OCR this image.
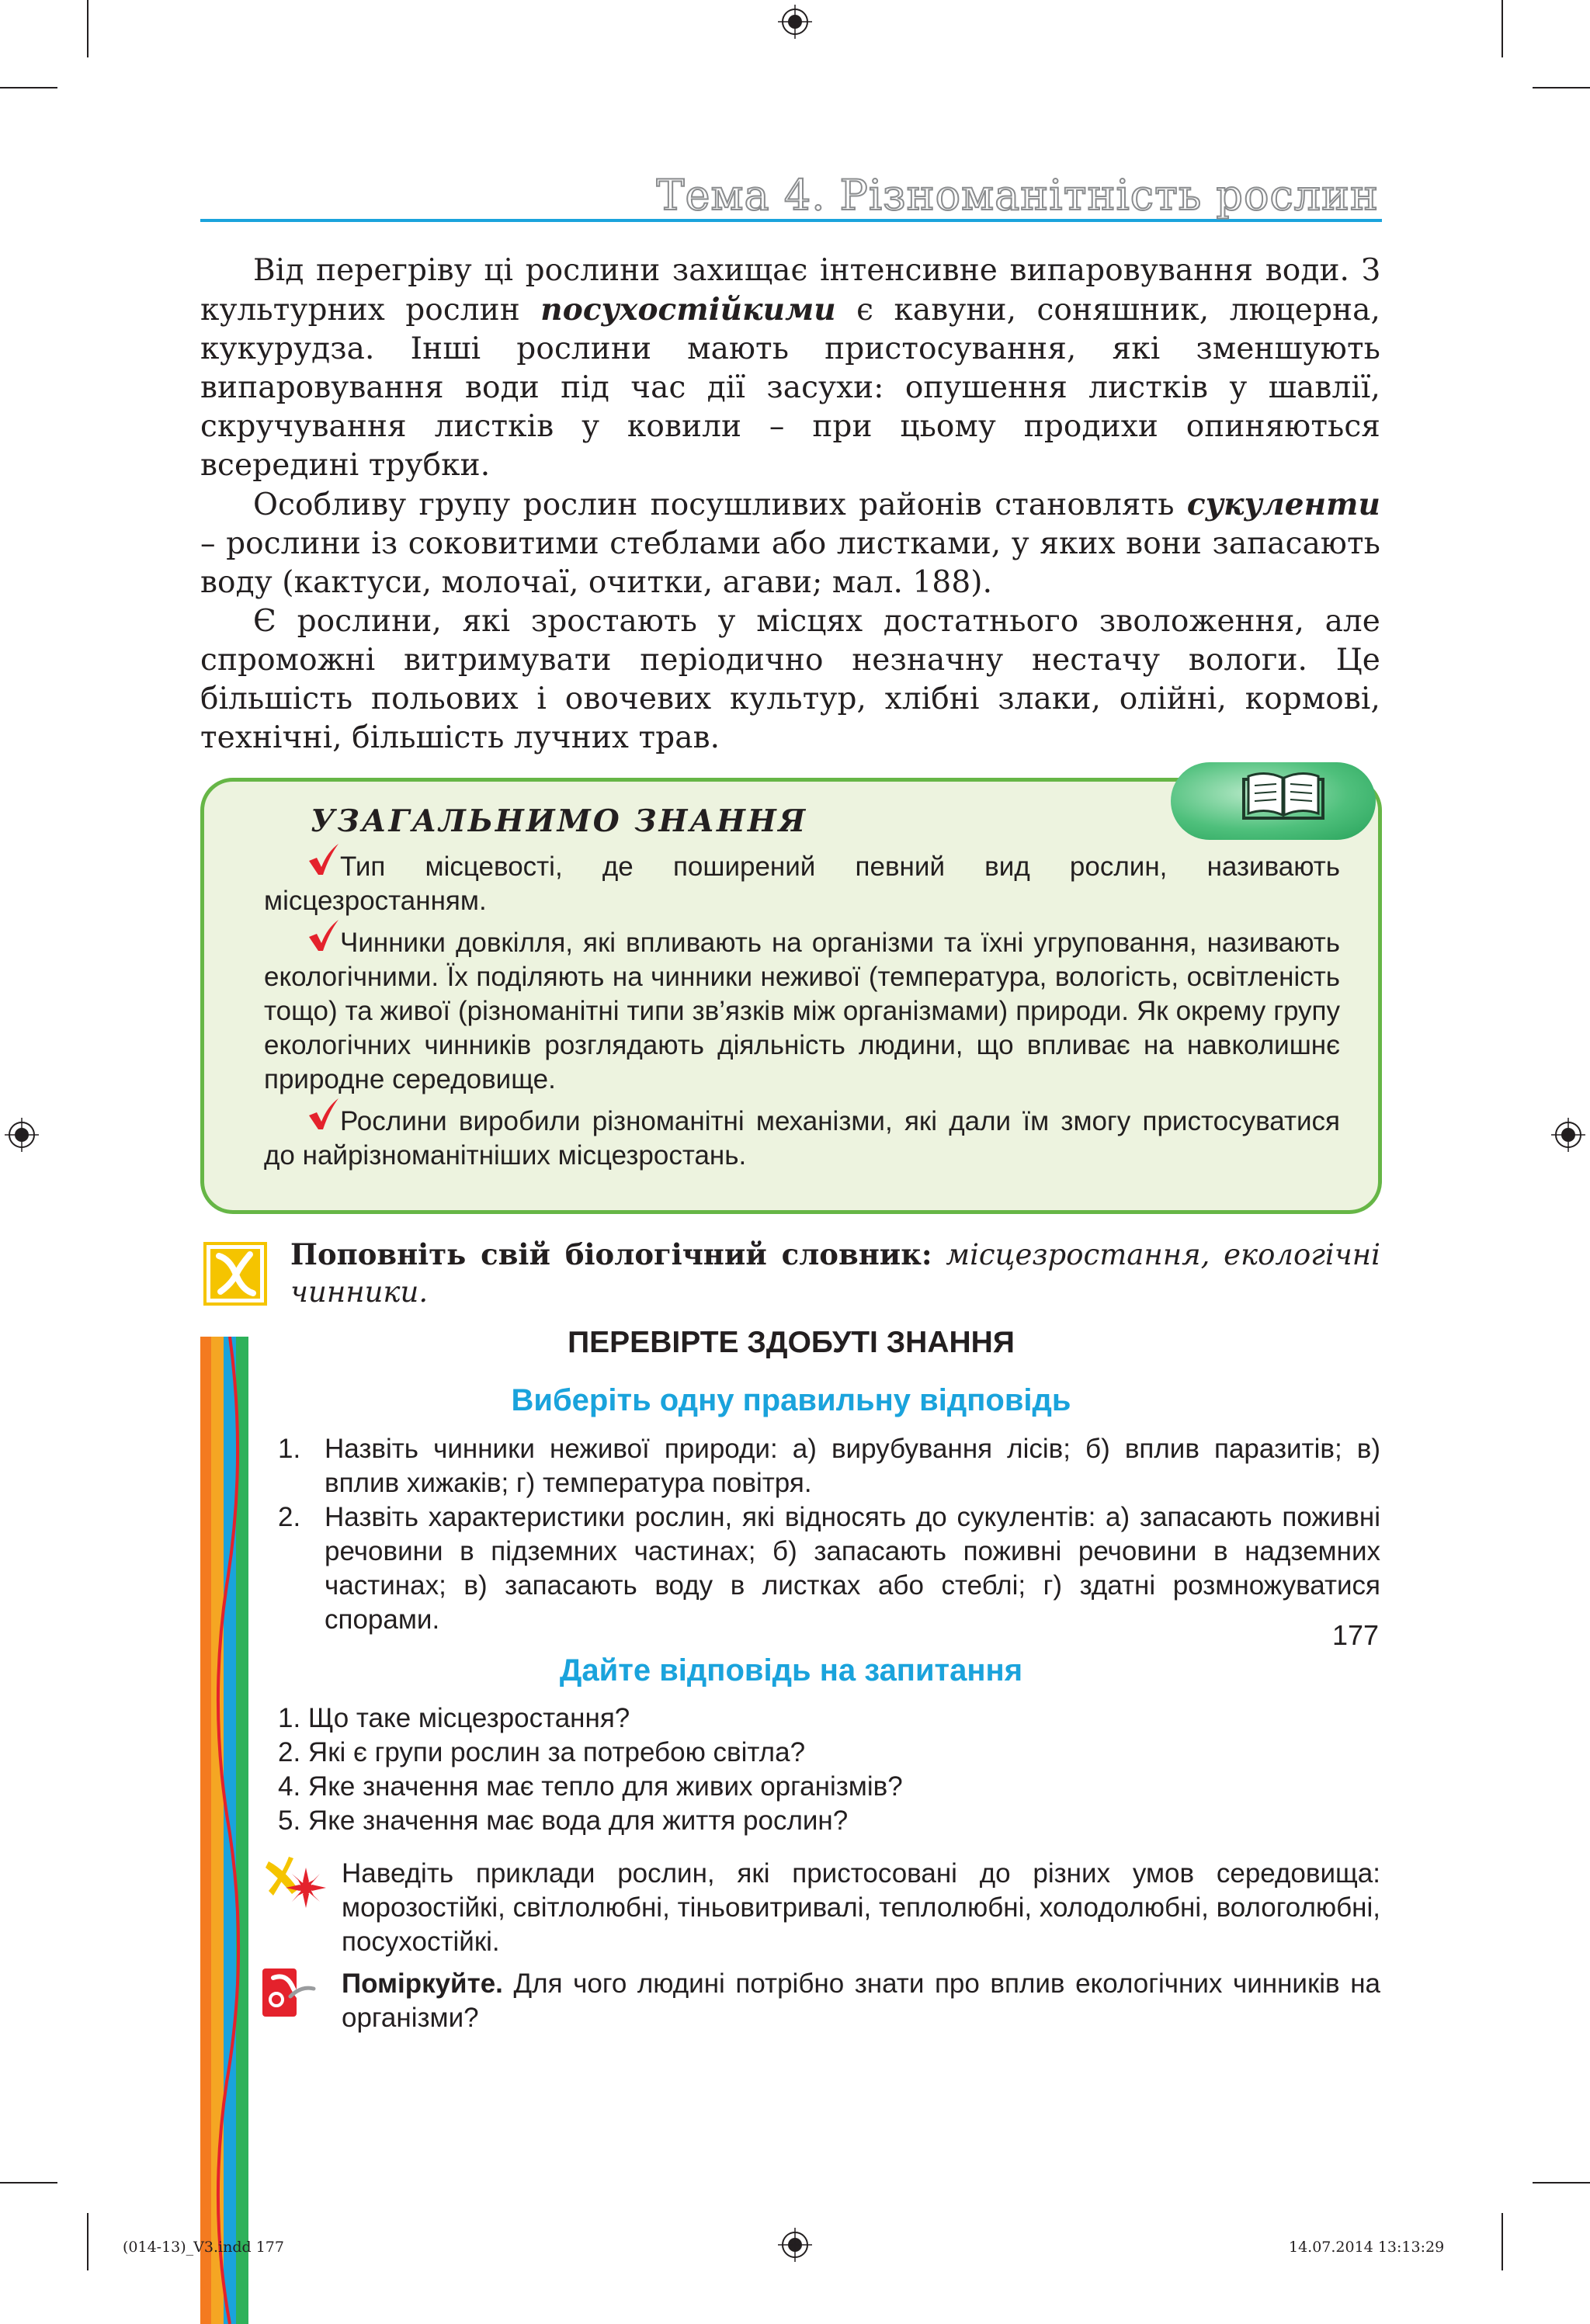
Тема 4. Різноманітність рослин

Від перегріву ці рослини захищає інтенсивне випаровування води. З культурних рослин посухостійкими є кавуни, соняшник, люцерна, кукурудза. Інші рослини мають пристосування, які зменшують випаровування води під час дії засухи: опушення листків у шавлії, скручування листків у ковили – при цьому продихи опиняються всередині трубки.

Особливу групу рослин посушливих районів становлять сукуленти – рослини із соковитими стеблами або листками, у яких вони запасають воду (кактуси, молочаї, очитки, агави; мал. 188).

Є рослини, які зростають у місцях достатнього зволоження, але спроможні витримувати періодично незначну нестачу вологи. Це більшість польових і овочевих культур, хлібні злаки, олійні, кормові, технічні, більшість лучних трав.

УЗАГАЛЬНИМО ЗНАННЯ

Тип місцевості, де поширений певний вид рослин, називають місцезростанням.

Чинники довкілля, які впливають на організми та їхні угруповання, називають екологічними. Їх поділяють на чинники неживої (температура, вологість, освітленість тощо) та живої (різноманітні типи зв’язків між організмами) природи. Як окрему групу екологічних чинників розглядають діяльність людини, що впливає на навколишнє природне середовище.

Рослини виробили різноманітні механізми, які дали їм змогу пристосуватися до найрізноманітніших місцезростань.

Поповніть свій біологічний словник: місцезростання, екологічні чинники.
ПЕРЕВІРТЕ ЗДОБУТІ ЗНАННЯ
Виберіть одну правильну відповідь
1. Назвіть чинники неживої природи: а) вирубування лісів; б) вплив паразитів; в) вплив хижаків; г) температура повітря.
2. Назвіть характеристики рослин, які відносять до сукулентів: а) запасають поживні речовини в підземних частинах; б) запасають поживні речовини в надземних частинах; в) запасають воду в листках або стеблі; г) здатні розмножуватися спорами.
Дайте відповідь на запитання
1. Що таке місцезростання?
2. Які є групи рослин за потребою світла?
4. Яке значення має тепло для живих організмів?
5. Яке значення має вода для життя рослин?
Наведіть приклади рослин, які пристосовані до різних умов середовища: морозостійкі, світлолюбні, тіньовитривалі, теплолюбні, холодолюбні, вологолюбні, посухостійкі.
Поміркуйте. Для чого людині потрібно знати про вплив екологічних чинників на організми?
177
(014-13)_V3.indd 177	14.07.2014 13:13:29
